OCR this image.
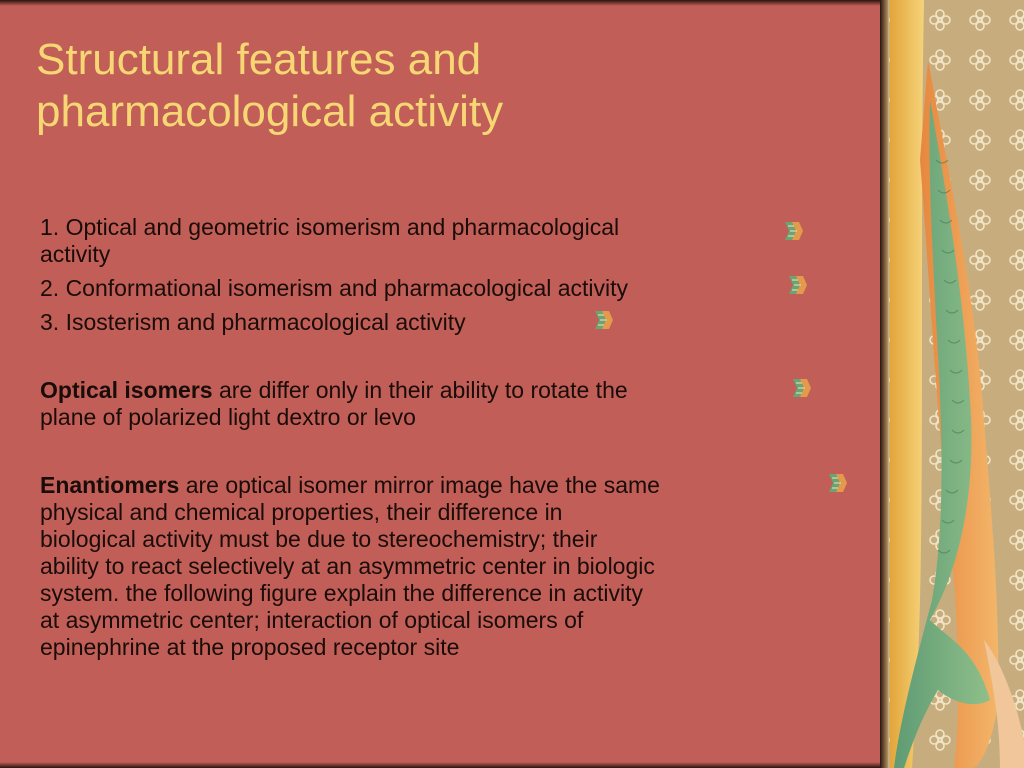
Structural features and
pharmacological activity
1. Optical and geometric isomerism and pharmacological
activity
2. Conformational isomerism and pharmacological activity
3. Isosterism and pharmacological activity
Optical isomers are differ only in their ability to rotate the
plane of polarized light dextro or levo
Enantiomers are optical isomer mirror image have the same
physical and chemical properties, their difference in
biological activity must be due to stereochemistry; their
ability to react selectively at an asymmetric center in biologic
system. the following figure explain the difference in activity
at asymmetric center; interaction of optical isomers of
epinephrine at the proposed receptor site
